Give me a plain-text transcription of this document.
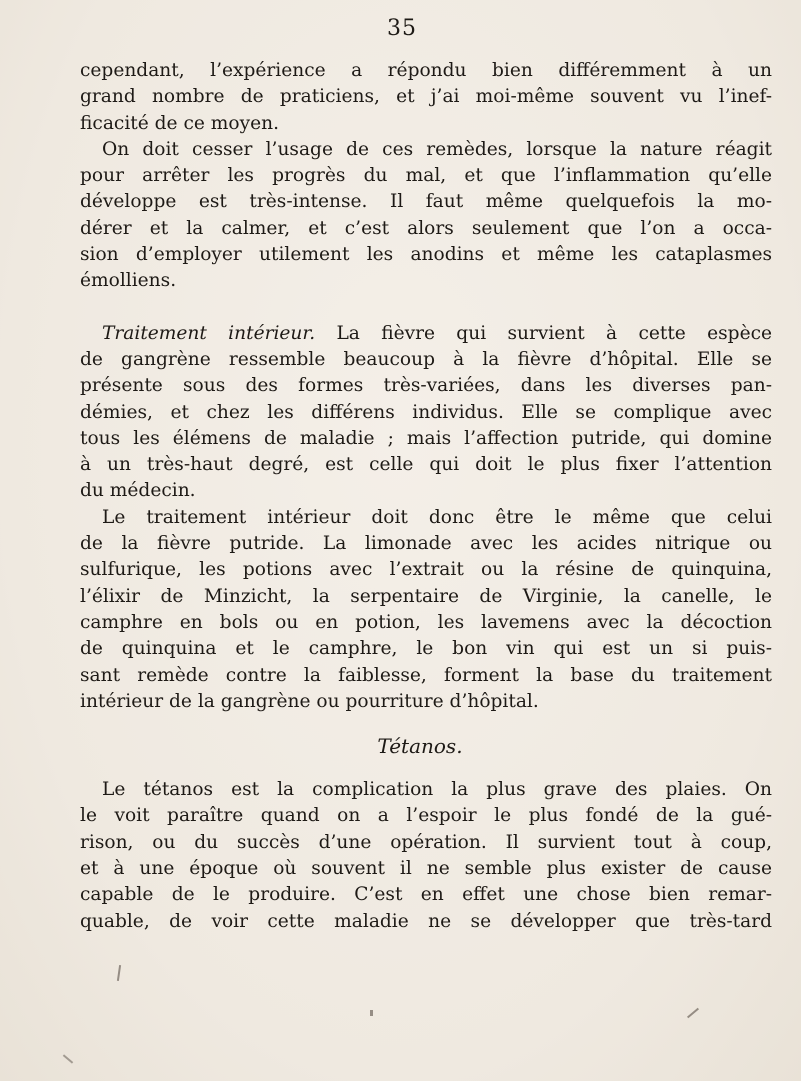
35
cependant, l’expérience a répondu bien différemment à un
grand nombre de praticiens, et j’ai moi-même souvent vu l’inef-
ficacité de ce moyen.
On doit cesser l’usage de ces remèdes, lorsque la nature réagit
pour arrêter les progrès du mal, et que l’inflammation qu’elle
développe est très-intense. Il faut même quelquefois la mo-
dérer et la calmer, et c’est alors seulement que l’on a occa-
sion d’employer utilement les anodins et même les cataplasmes
émolliens.
Traitement intérieur. La fièvre qui survient à cette espèce
de gangrène ressemble beaucoup à la fièvre d’hôpital. Elle se
présente sous des formes très-variées, dans les diverses pan-
démies, et chez les différens individus. Elle se complique avec
tous les élémens de maladie ; mais l’affection putride, qui domine
à un très-haut degré, est celle qui doit le plus fixer l’attention
du médecin.
Le traitement intérieur doit donc être le même que celui
de la fièvre putride. La limonade avec les acides nitrique ou
sulfurique, les potions avec l’extrait ou la résine de quinquina,
l’élixir de Minzicht, la serpentaire de Virginie, la canelle, le
camphre en bols ou en potion, les lavemens avec la décoction
de quinquina et le camphre, le bon vin qui est un si puis-
sant remède contre la faiblesse, forment la base du traitement
intérieur de la gangrène ou pourriture d’hôpital.
Tétanos.
Le tétanos est la complication la plus grave des plaies. On
le voit paraître quand on a l’espoir le plus fondé de la gué-
rison, ou du succès d’une opération. Il survient tout à coup,
et à une époque où souvent il ne semble plus exister de cause
capable de le produire. C’est en effet une chose bien remar-
quable, de voir cette maladie ne se développer que très-tard
